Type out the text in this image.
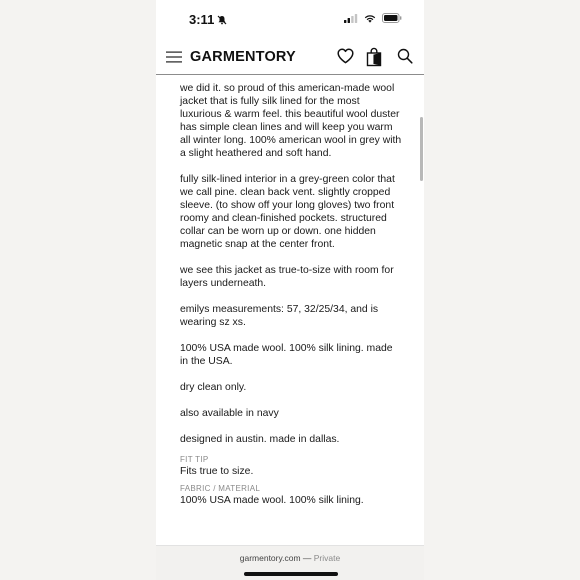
3:11
GARMENTORY

we did it. so proud of this american-made wool jacket that is fully silk lined for the most luxurious & warm feel. this beautiful wool duster has simple clean lines and will keep you warm all winter long. 100% american wool in grey with a slight heathered and soft hand.

fully silk-lined interior in a grey-green color that we call pine. clean back vent. slightly cropped sleeve. (to show off your long gloves) two front roomy and clean-finished pockets. structured collar can be worn up or down. one hidden magnetic snap at the center front.

we see this jacket as true-to-size with room for layers underneath.

emilys measurements: 57, 32/25/34, and is wearing sz xs.

100% USA made wool. 100% silk lining. made in the USA.

dry clean only.

also available in navy

designed in austin. made in dallas.

FIT TIP
Fits true to size.
FABRIC / MATERIAL
100% USA made wool. 100% silk lining.
garmentory.com — Private
